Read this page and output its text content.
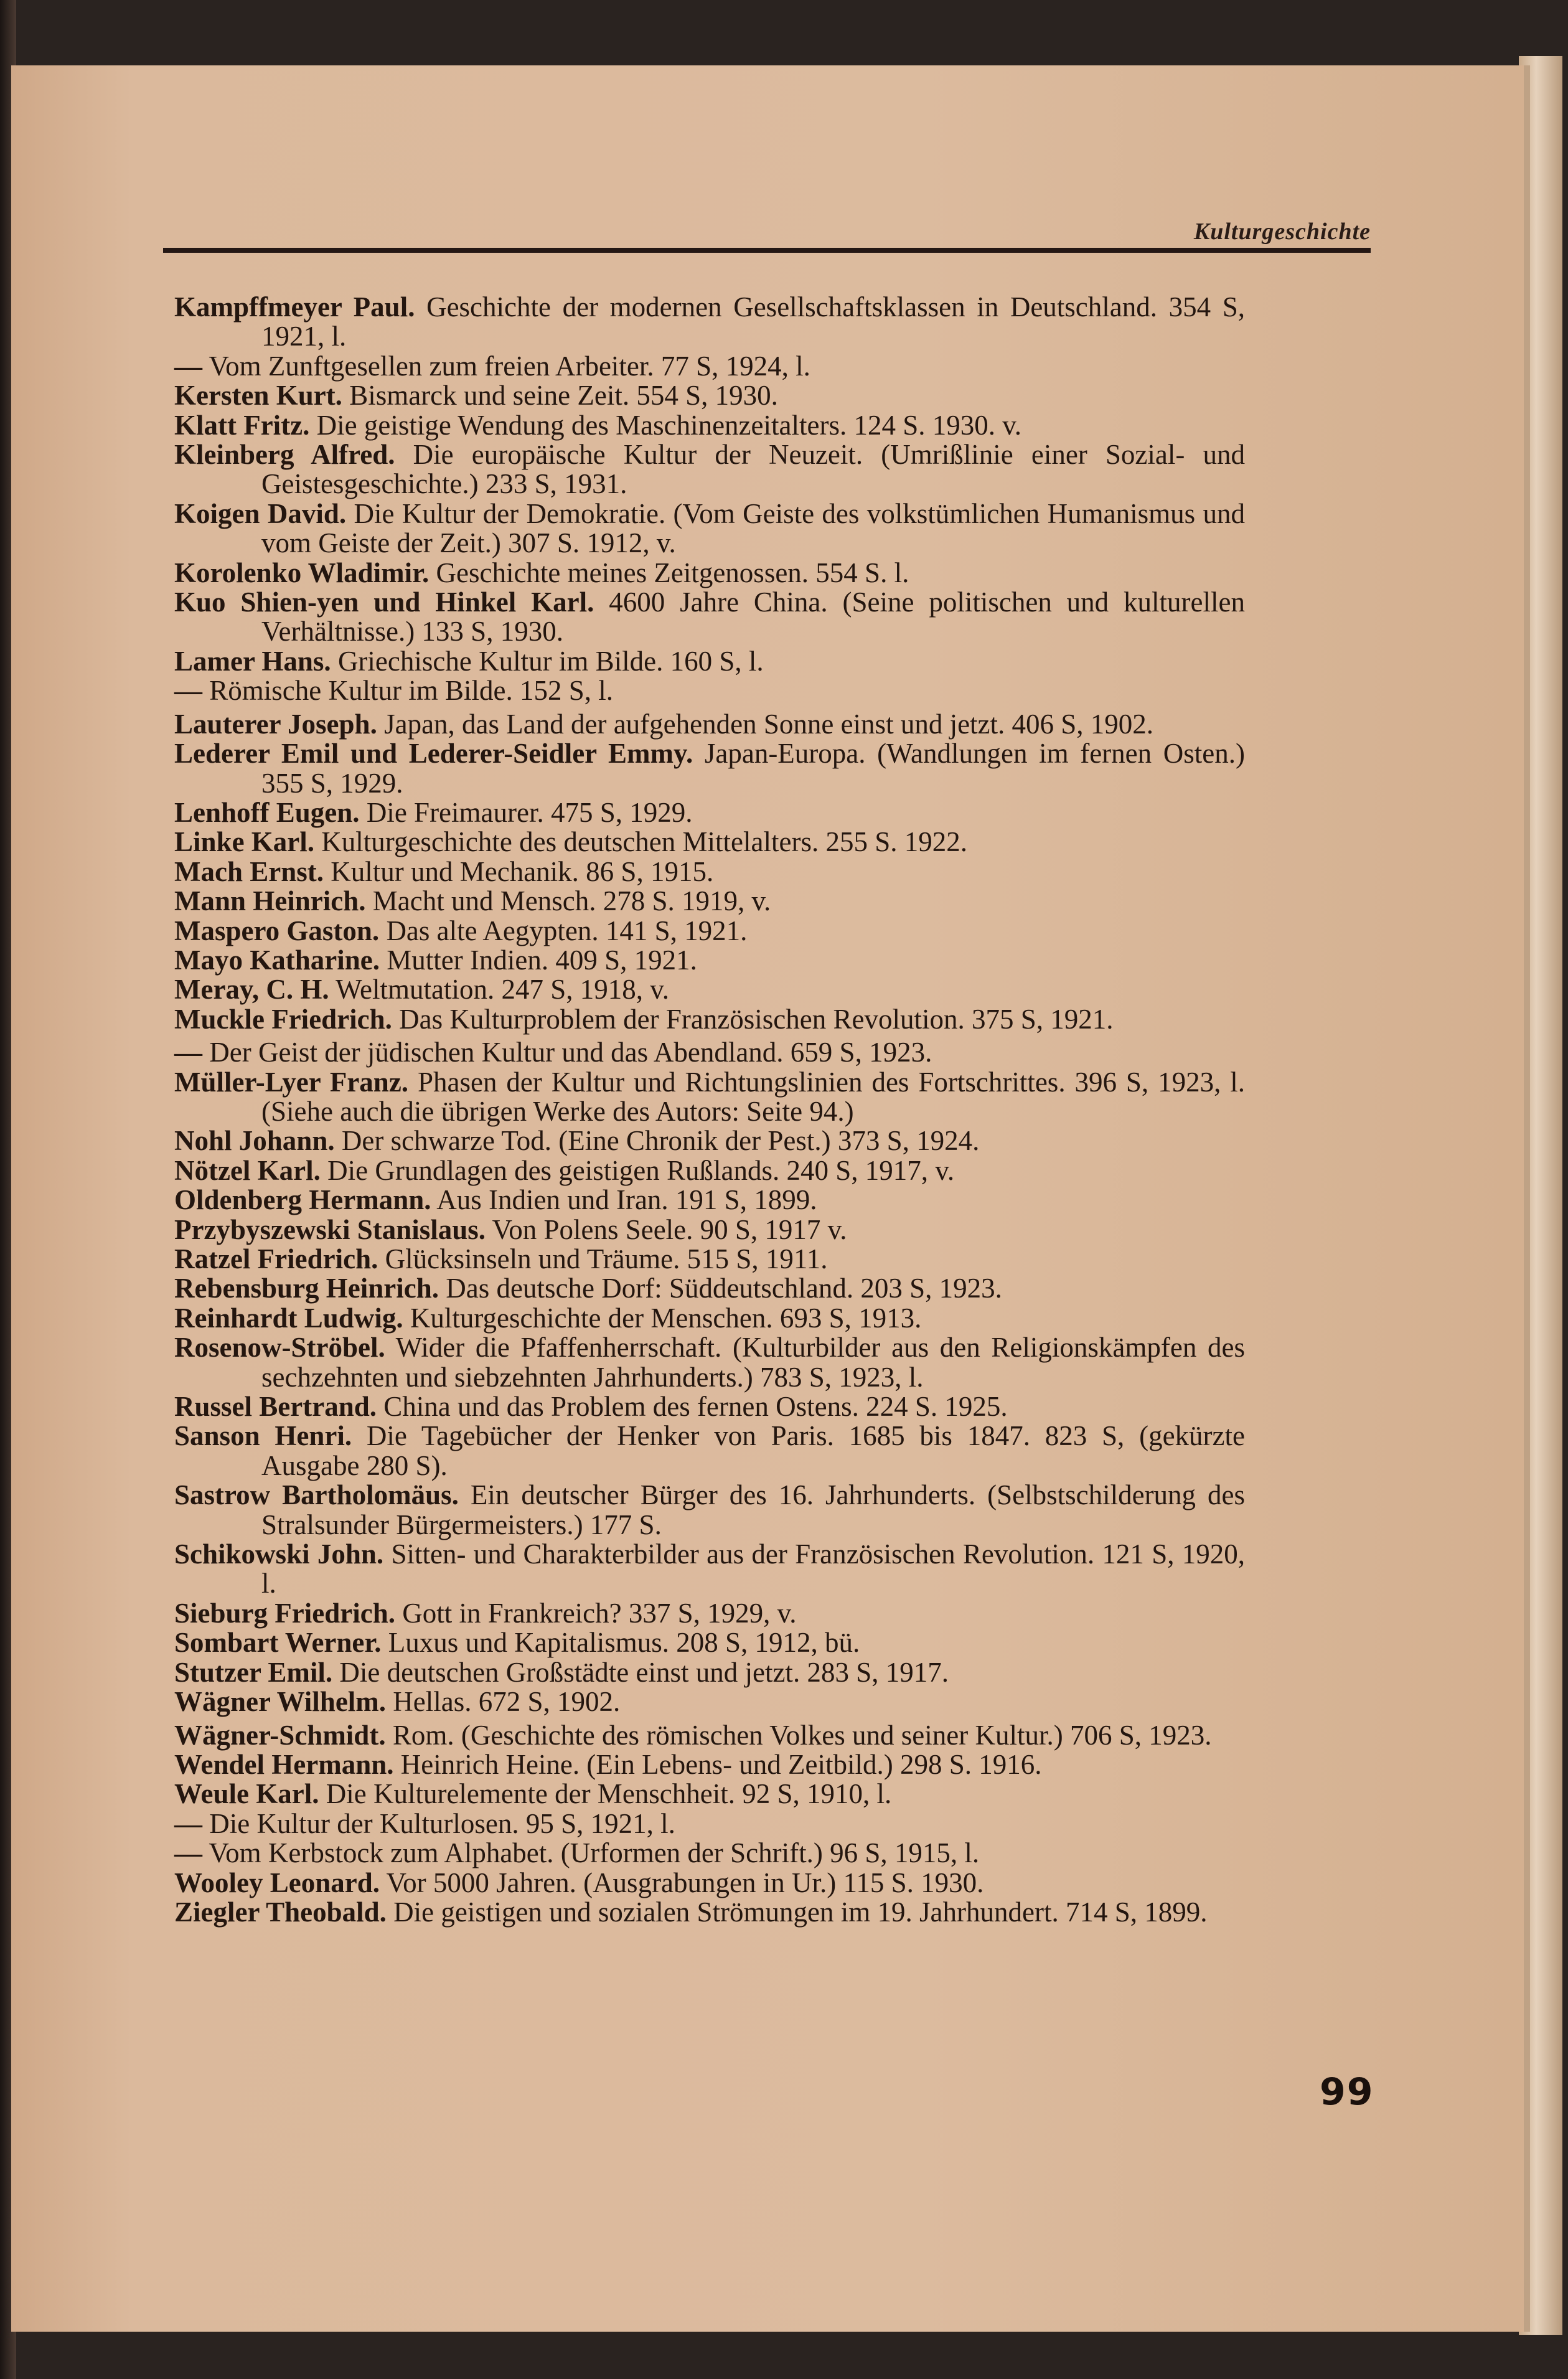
Kulturgeschichte

Kampffmeyer Paul. Geschichte der modernen Gesellschaftsklassen in Deutschland. 354 S, 1921, l.

— Vom Zunftgesellen zum freien Arbeiter. 77 S, 1924, l.

Kersten Kurt. Bismarck und seine Zeit. 554 S, 1930.

Klatt Fritz. Die geistige Wendung des Maschinenzeitalters. 124 S. 1930. v.

Kleinberg Alfred. Die europäische Kultur der Neuzeit. (Umrißlinie einer Sozial- und Geistesgeschichte.) 233 S, 1931.

Koigen David. Die Kultur der Demokratie. (Vom Geiste des volkstümlichen Humanismus und vom Geiste der Zeit.) 307 S. 1912, v.

Korolenko Wladimir. Geschichte meines Zeitgenossen. 554 S. l.

Kuo Shien-yen und Hinkel Karl. 4600 Jahre China. (Seine politischen und kulturellen Verhältnisse.) 133 S, 1930.

Lamer Hans. Griechische Kultur im Bilde. 160 S, l.

— Römische Kultur im Bilde. 152 S, l.

Lauterer Joseph. Japan, das Land der aufgehenden Sonne einst und jetzt. 406 S, 1902.

Lederer Emil und Lederer-Seidler Emmy. Japan-Europa. (Wandlungen im fernen Osten.) 355 S, 1929.

Lenhoff Eugen. Die Freimaurer. 475 S, 1929.

Linke Karl. Kulturgeschichte des deutschen Mittelalters. 255 S. 1922.

Mach Ernst. Kultur und Mechanik. 86 S, 1915.

Mann Heinrich. Macht und Mensch. 278 S. 1919, v.

Maspero Gaston. Das alte Aegypten. 141 S, 1921.

Mayo Katharine. Mutter Indien. 409 S, 1921.

Meray, C. H. Weltmutation. 247 S, 1918, v.

Muckle Friedrich. Das Kulturproblem der Französischen Revolution. 375 S, 1921.

— Der Geist der jüdischen Kultur und das Abendland. 659 S, 1923.

Müller-Lyer Franz. Phasen der Kultur und Richtungslinien des Fortschrittes. 396 S, 1923, l. (Siehe auch die übrigen Werke des Autors: Seite 94.)

Nohl Johann. Der schwarze Tod. (Eine Chronik der Pest.) 373 S, 1924.

Nötzel Karl. Die Grundlagen des geistigen Rußlands. 240 S, 1917, v.

Oldenberg Hermann. Aus Indien und Iran. 191 S, 1899.

Przybyszewski Stanislaus. Von Polens Seele. 90 S, 1917 v.

Ratzel Friedrich. Glücksinseln und Träume. 515 S, 1911.

Rebensburg Heinrich. Das deutsche Dorf: Süddeutschland. 203 S, 1923.

Reinhardt Ludwig. Kulturgeschichte der Menschen. 693 S, 1913.

Rosenow-Ströbel. Wider die Pfaffenherrschaft. (Kulturbilder aus den Religionskämpfen des sechzehnten und siebzehnten Jahrhunderts.) 783 S, 1923, l.

Russel Bertrand. China und das Problem des fernen Ostens. 224 S. 1925.

Sanson Henri. Die Tagebücher der Henker von Paris. 1685 bis 1847. 823 S, (gekürzte Ausgabe 280 S).

Sastrow Bartholomäus. Ein deutscher Bürger des 16. Jahrhunderts. (Selbstschilderung des Stralsunder Bürgermeisters.) 177 S.

Schikowski John. Sitten- und Charakterbilder aus der Französischen Revolution. 121 S, 1920, l.

Sieburg Friedrich. Gott in Frankreich? 337 S, 1929, v.

Sombart Werner. Luxus und Kapitalismus. 208 S, 1912, bü.

Stutzer Emil. Die deutschen Großstädte einst und jetzt. 283 S, 1917.

Wägner Wilhelm. Hellas. 672 S, 1902.

Wägner-Schmidt. Rom. (Geschichte des römischen Volkes und seiner Kultur.) 706 S, 1923.

Wendel Hermann. Heinrich Heine. (Ein Lebens- und Zeitbild.) 298 S. 1916.

Weule Karl. Die Kulturelemente der Menschheit. 92 S, 1910, l.

— Die Kultur der Kulturlosen. 95 S, 1921, l.

— Vom Kerbstock zum Alphabet. (Urformen der Schrift.) 96 S, 1915, l.

Wooley Leonard. Vor 5000 Jahren. (Ausgrabungen in Ur.) 115 S. 1930.

Ziegler Theobald. Die geistigen und sozialen Strömungen im 19. Jahrhundert. 714 S, 1899.

99
